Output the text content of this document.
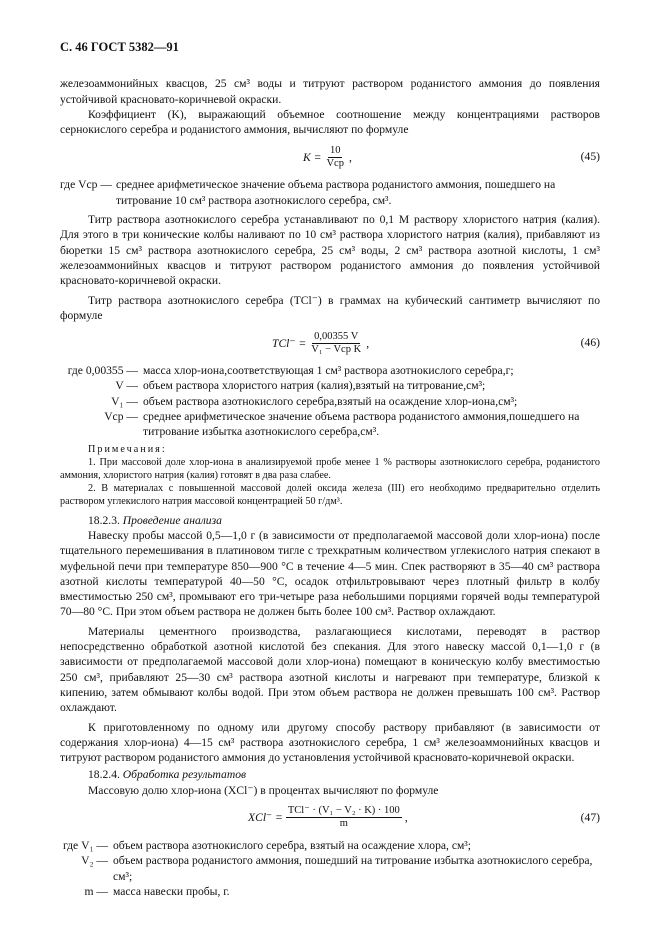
С. 46 ГОСТ 5382—91

железоаммонийных квасцов, 25 см³ воды и титруют раствором роданистого аммония до появления устойчивой красновато-коричневой окраски.

Коэффициент (K), выражающий объемное соотношение между концентрациями растворов сернокислого серебра и роданистого аммония, вычисляют по формуле

$K = \frac{10}{\text{Vср}}$ ,	(45)
где Vср — среднее арифметическое значение объема раствора роданистого аммония, пошедшего на титрование 10 см³ раствора азотнокислого серебра, см³.

Титр раствора азотнокислого серебра устанавливают по 0,1 М раствору хлористого натрия (калия). Для этого в три конические колбы наливают по 10 см³ раствора хлористого натрия (калия), прибавляют из бюретки 15 см³ раствора азотнокислого серебра, 25 см³ воды, 2 см³ раствора азотной кислоты, 1 см³ железоаммонийных квасцов и титруют раствором роданистого аммония до появления устойчивой красновато-коричневой окраски.

Титр раствора азотнокислого серебра (TCl⁻) в граммах на кубический сантиметр вычисляют по формуле

$TCl^- = \frac{0,00355 V}{\text{V₁ − Vср K}}$ ,	(46)
где 0,00355 — масса хлор-иона,соответствующая 1 см³ раствора азотнокислого серебра,г;
V — объем раствора хлористого натрия (калия),взятый на титрование,см³;
V₁ — объем раствора азотнокислого серебра,взятый на осаждение хлор-иона,см³;
Vср — среднее арифметическое значение объема раствора роданистого аммония,пошедшего на титрование избытка азотнокислого серебра,см³.

Примечания:

1. При массовой доле хлор-иона в анализируемой пробе менее 1 % растворы азотнокислого серебра, роданистого аммония, хлористого натрия (калия) готовят в два раза слабее.

2. В материалах с повышенной массовой долей оксида железа (III) его необходимо предварительно отделить раствором углекислого натрия массовой концентрацией 50 г/дм³.

18.2.3. Проведение анализа

Навеску пробы массой 0,5—1,0 г (в зависимости от предполагаемой массовой доли хлор-иона) после тщательного перемешивания в платиновом тигле с трехкратным количеством углекислого натрия спекают в муфельной печи при температуре 850—900 °С в течение 4—5 мин. Спек растворяют в 35—40 см³ раствора азотной кислоты температурой 40—50 °С, осадок отфильтровывают через плотный фильтр в колбу вместимостью 250 см³, промывают его три-четыре раза небольшими порциями горячей воды температурой 70—80 °С. При этом объем раствора не должен быть более 100 см³. Раствор охлаждают.

Материалы цементного производства, разлагающиеся кислотами, переводят в раствор непосредственно обработкой азотной кислотой без спекания. Для этого навеску массой 0,1—1,0 г (в зависимости от предполагаемой массовой доли хлор-иона) помещают в коническую колбу вместимостью 250 см³, прибавляют 25—30 см³ раствора азотной кислоты и нагревают при температуре, близкой к кипению, затем обмывают колбы водой. При этом объем раствора не должен превышать 100 см³. Раствор охлаждают.

К приготовленному по одному или другому способу раствору прибавляют (в зависимости от содержания хлор-иона) 4—15 см³ раствора азотнокислого серебра, 1 см³ железоаммонийных квасцов и титруют раствором роданистого аммония до установления устойчивой красновато-коричневой окраски.

18.2.4. Обработка результатов

Массовую долю хлор-иона (XCl⁻) в процентах вычисляют по формуле

$XCl^- = \frac{\text{TCl⁻ · (V₁ − V₂ · K) · 100}}{m}$ ,	(47)
где V₁ — объем раствора азотнокислого серебра, взятый на осаждение хлора, см³;
V₂ — объем раствора роданистого аммония, пошедший на титрование избытка азотнокислого серебра, см³;
m — масса навески пробы, г.
